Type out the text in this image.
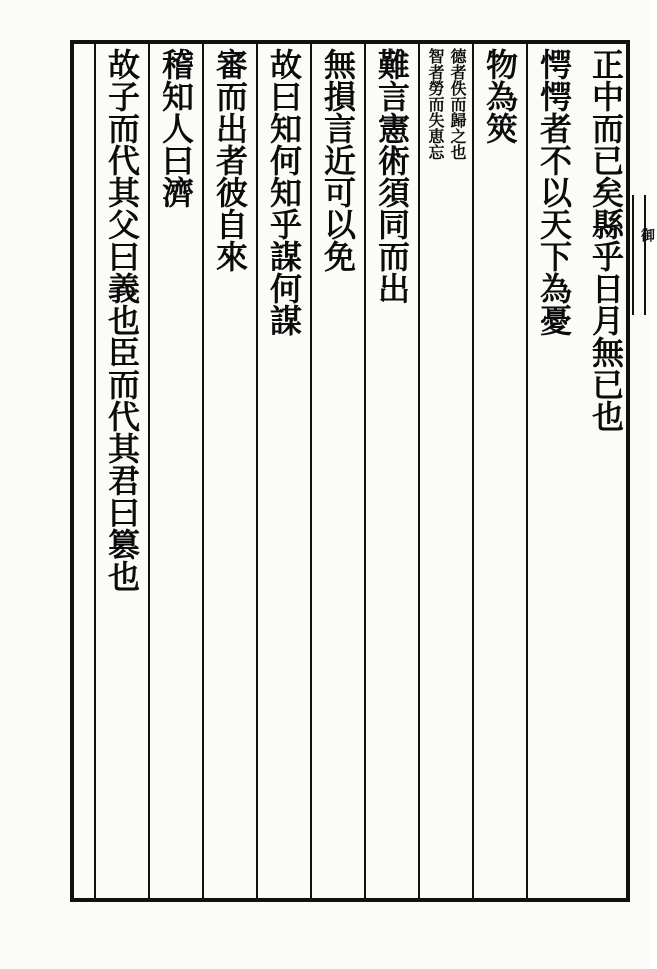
正中而已矣縣乎日月無已也
愕愕者不以天下為憂
物為筴
智者勞而失恵忘 德者佚而歸之也
難言憲術須同而出
無損言近可以免
故曰知何知乎謀何謀
審而出者彼自來
稽知人曰濟
故子而代其父曰義也臣而代其君曰篡也	御
